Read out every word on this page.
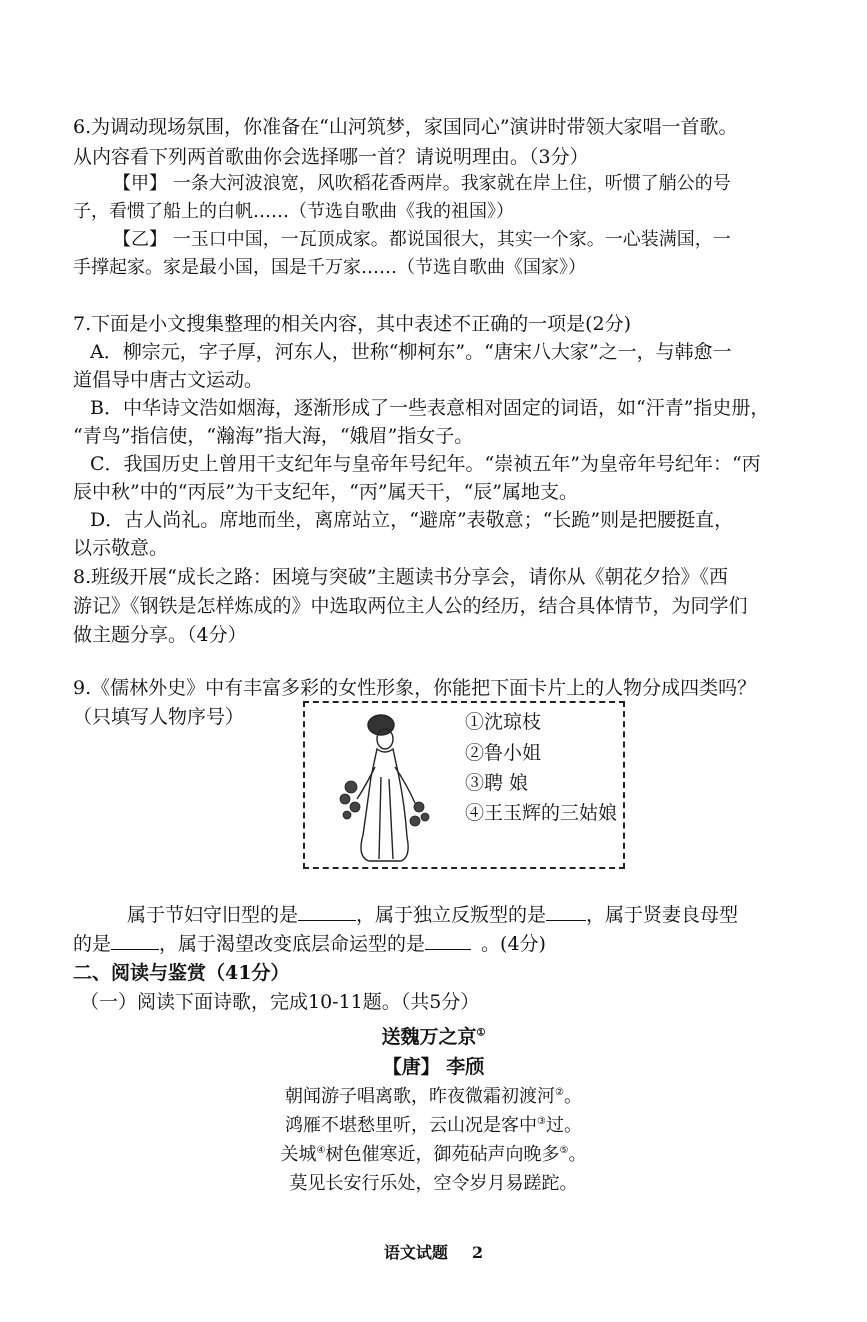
6.为调动现场氛围，你准备在“山河筑梦，家国同心”演讲时带领大家唱一首歌。
从内容看下列两首歌曲你会选择哪一首？请说明理由。（3分）
【甲】 一条大河波浪宽，风吹稻花香两岸。我家就在岸上住，听惯了艄公的号
子，看惯了船上的白帆……（节选自歌曲《我的祖国》）
【乙】 一玉口中国，一瓦顶成家。都说国很大，其实一个家。一心装满国，一
手撑起家。家是最小国，国是千万家……（节选自歌曲《国家》）
7.下面是小文搜集整理的相关内容，其中表述不正确的一项是(2分)
A．柳宗元，字子厚，河东人，世称“柳柯东”。“唐宋八大家”之一，与韩愈一
道倡导中唐古文运动。
B．中华诗文浩如烟海，逐渐形成了一些表意相对固定的词语，如“汗青”指史册，
“青鸟”指信使，“瀚海”指大海，“娥眉”指女子。
C．我国历史上曾用干支纪年与皇帝年号纪年。“崇祯五年”为皇帝年号纪年：“丙
辰中秋”中的“丙辰”为干支纪年，“丙”属天干，“辰”属地支。
D．古人尚礼。席地而坐，离席站立，“避席”表敬意；“长跪”则是把腰挺直，
以示敬意。
8.班级开展“成长之路：困境与突破”主题读书分享会，请你从《朝花夕拾》《西
游记》《钢铁是怎样炼成的》中选取两位主人公的经历，结合具体情节，为同学们
做主题分享。（4分）
9.《儒林外史》中有丰富多彩的女性形象，你能把下面卡片上的人物分成四类吗？
（只填写人物序号）	①沈琼枝
②鲁小姐
③聘 娘
④王玉辉的三姑娘
属于节妇守旧型的是	，属于独立反叛型的是 ，属于贤妻良母型
的是	，属于渴望改变底层命运型的是	。(4分)
二、阅读与鉴赏（41分）
（一）阅读下面诗歌，完成10-11题。（共5分）
送魏万之京①
【唐】 李颀
朝闻游子唱离歌，昨夜微霜初渡河②。
鸿雁不堪愁里听，云山况是客中③过。
关城④树色催寒近，御苑砧声向晚多⑤。
莫见长安行乐处，空令岁月易蹉跎。
语文试题 2
